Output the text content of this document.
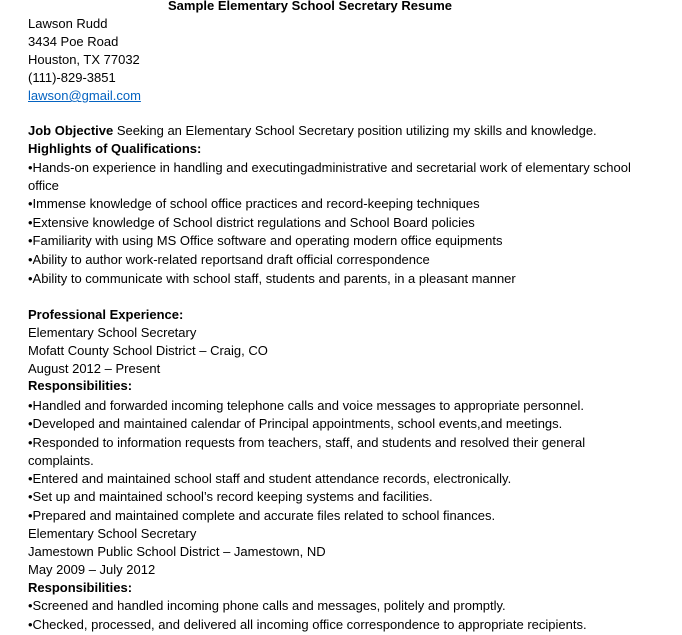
Sample Elementary School Secretary Resume
Lawson Rudd
3434 Poe Road
Houston, TX 77032
(111)-829-3851
lawson@gmail.com
Job Objective Seeking an Elementary School Secretary position utilizing my skills and knowledge.
Highlights of Qualifications:
•Hands-on experience in handling and executingadministrative and secretarial work of elementary school office
•Immense knowledge of school office practices and record-keeping techniques
•Extensive knowledge of School district regulations and School Board policies
•Familiarity with using MS Office software and operating modern office equipments
•Ability to author work-related reportsand draft official correspondence
•Ability to communicate with school staff, students and parents, in a pleasant manner
Professional Experience:
Elementary School Secretary
Mofatt County School District – Craig, CO
August 2012 – Present
Responsibilities:
•Handled and forwarded incoming telephone calls and voice messages to appropriate personnel.
•Developed and maintained calendar of Principal appointments, school events,and meetings.
•Responded to information requests from teachers, staff, and students and resolved their general complaints.
•Entered and maintained school staff and student attendance records, electronically.
•Set up and maintained school’s record keeping systems and facilities.
•Prepared and maintained complete and accurate files related to school finances.
Elementary School Secretary
Jamestown Public School District – Jamestown, ND
May 2009 – July 2012
Responsibilities:
•Screened and handled incoming phone calls and messages, politely and promptly.
•Checked, processed, and delivered all incoming office correspondence to appropriate recipients.
